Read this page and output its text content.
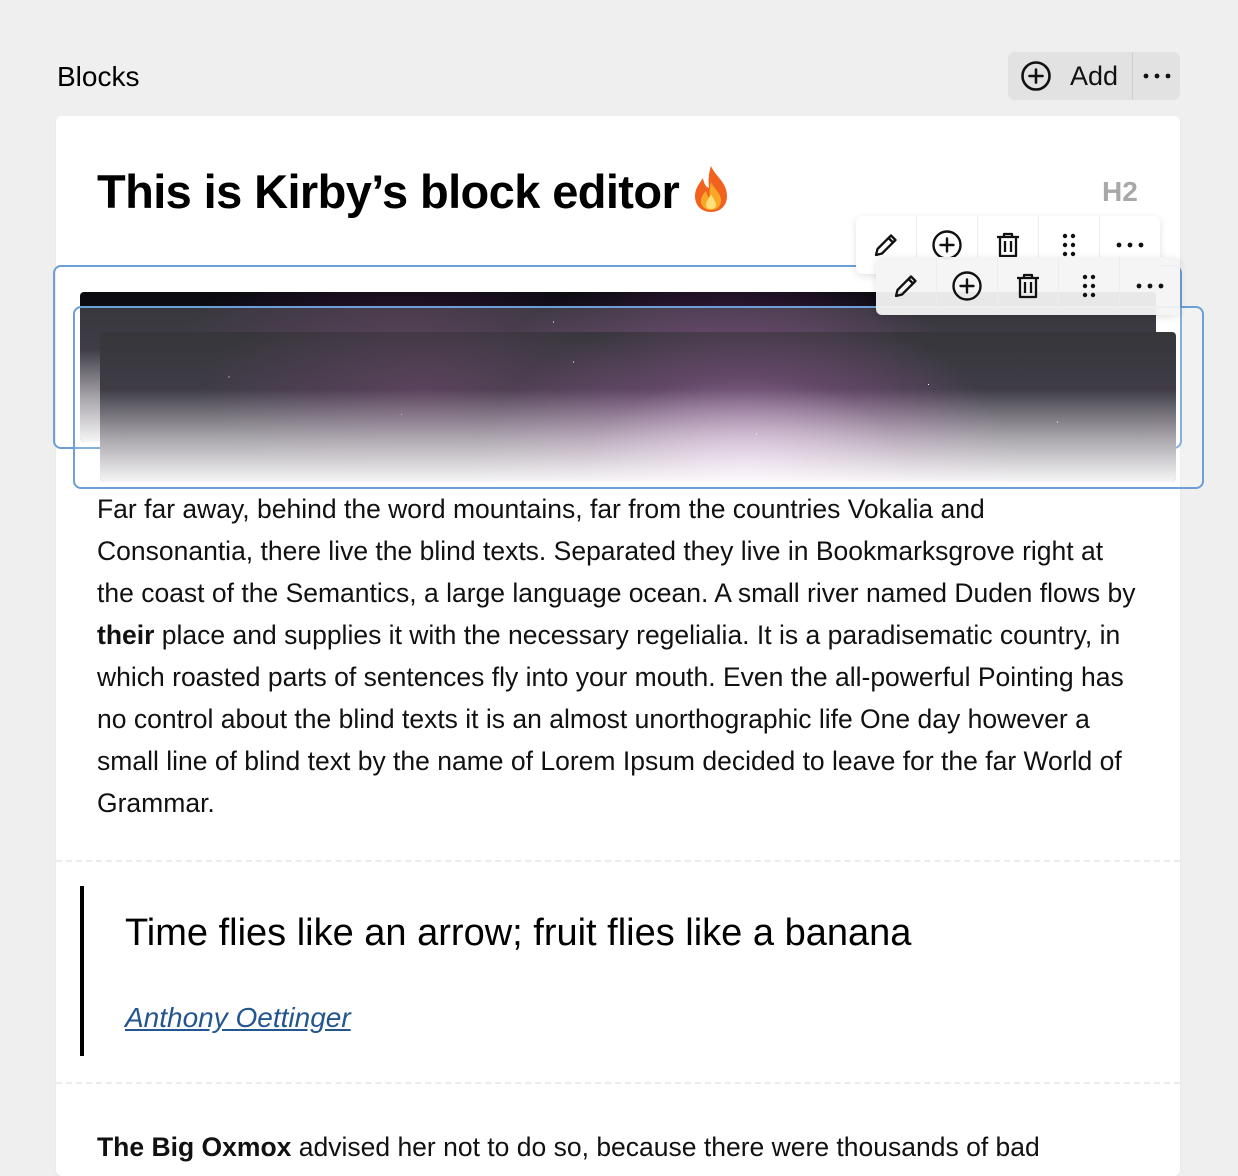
Blocks	Add
This is Kirby’s block editor	H2

Far far away, behind the word mountains, far from the countries Vokalia and Consonantia, there live the blind texts. Separated they live in Bookmarksgrove right at the coast of the Semantics, a large language ocean. A small river named Duden flows by their place and supplies it with the necessary regelialia. It is a paradisematic country, in which roasted parts of sentences fly into your mouth. Even the all-powerful Pointing has no control about the blind texts it is an almost unorthographic life One day however a small line of blind text by the name of Lorem Ipsum decided to leave for the far World of Grammar.

Time flies like an arrow; fruit flies like a banana
Anthony Oettinger
The Big Oxmox advised her not to do so, because there were thousands of bad
